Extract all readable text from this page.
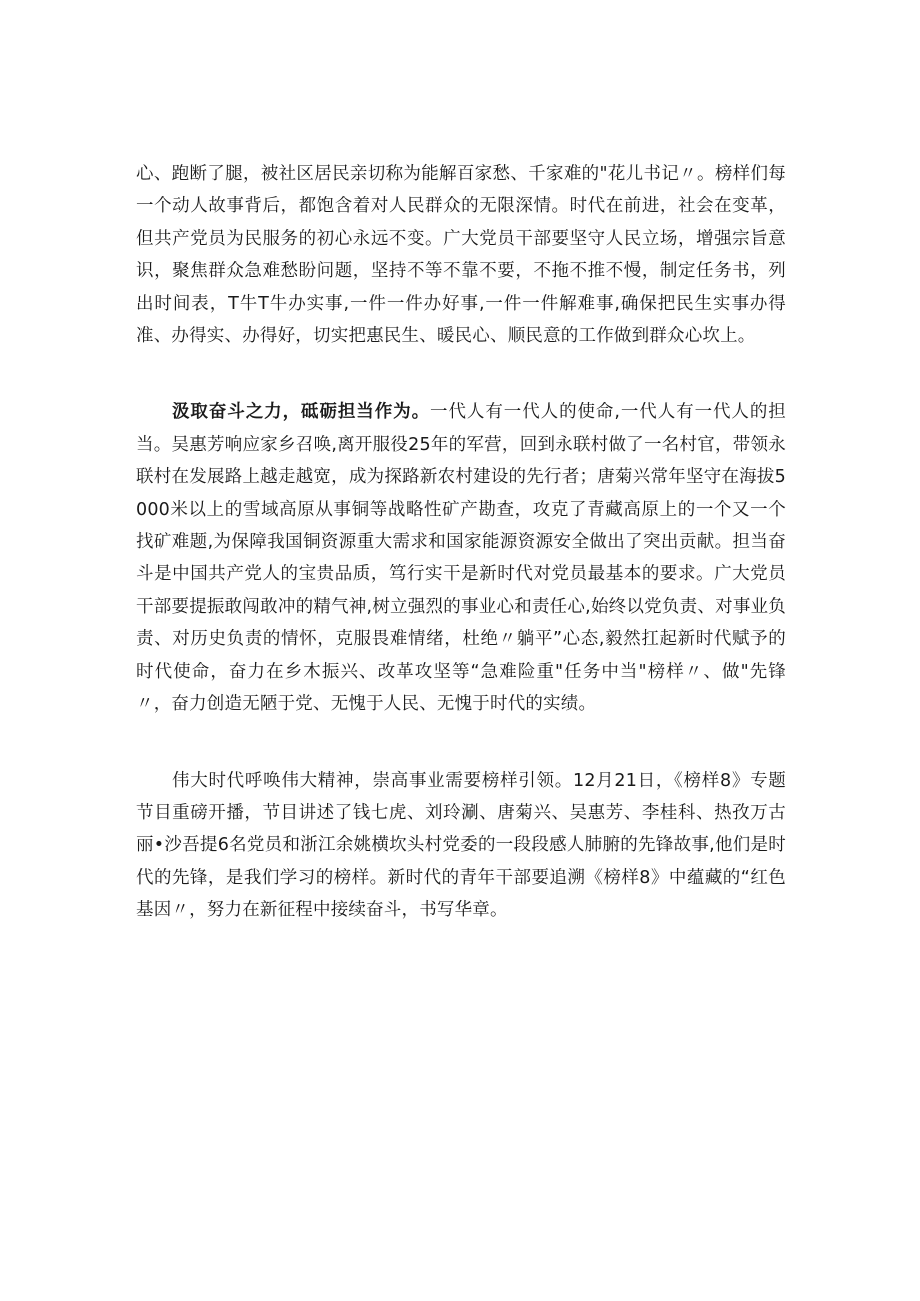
心、跑断了腿，被社区居民亲切称为能解百家愁、千家难的"花儿书记〃。榜样们每一个动人故事背后，都饱含着对人民群众的无限深情。时代在前进，社会在变革，但共产党员为民服务的初心永远不变。广大党员干部要坚守人民立场，增强宗旨意识，聚焦群众急难愁盼问题，坚持不等不靠不要，不拖不推不慢，制定任务书，列出时间表，T牛T牛办实事,一件一件办好事,一件一件解难事,确保把民生实事办得准、办得实、办得好，切实把惠民生、暖民心、顺民意的工作做到群众心坎上。

汲取奋斗之力，砥砺担当作为。一代人有一代人的使命,一代人有一代人的担当。吴惠芳响应家乡召唤,离开服役25年的军营，回到永联村做了一名村官，带领永联村在发展路上越走越宽，成为探路新农村建设的先行者；唐菊兴常年坚守在海拔5000米以上的雪域高原从事铜等战略性矿产勘查，攻克了青藏高原上的一个又一个找矿难题,为保障我国铜资源重大需求和国家能源资源安全做出了突出贡献。担当奋斗是中国共产党人的宝贵品质，笃行实干是新时代对党员最基本的要求。广大党员干部要提振敢闯敢冲的精气神,树立强烈的事业心和责任心,始终以党负责、对事业负责、对历史负责的情怀，克服畏难情绪，杜绝〃躺平”心态,毅然扛起新时代赋予的时代使命，奋力在乡木振兴、改革攻坚等“急难险重"任务中当"榜样〃、做"先锋〃，奋力创造无陋于党、无愧于人民、无愧于时代的实绩。

伟大时代呼唤伟大精神，崇高事业需要榜样引领。12月21日，《榜样8》专题节目重磅开播，节目讲述了钱七虎、刘玲涮、唐菊兴、吴惠芳、李桂科、热孜万古丽•沙吾提6名党员和浙江余姚横坎头村党委的一段段感人肺腑的先锋故事,他们是时代的先锋，是我们学习的榜样。新时代的青年干部要追溯《榜样8》中蕴藏的“红色基因〃，努力在新征程中接续奋斗，书写华章。
